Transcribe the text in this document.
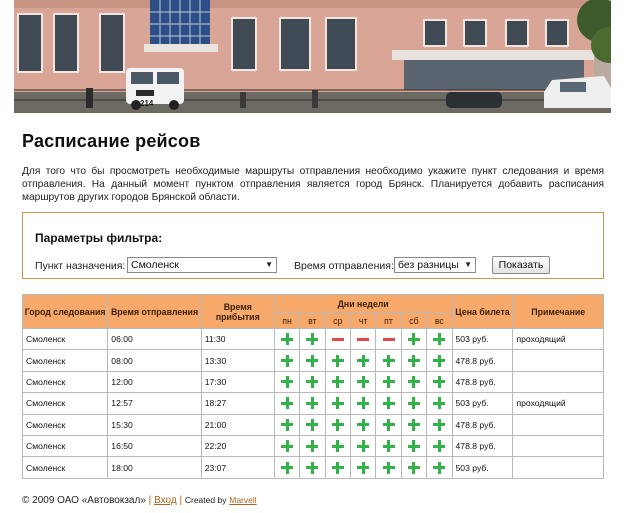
214
Расписание рейсов

Для того что бы просмотреть необходимые маршруты отправления необходимо укажите пункт следования и время отправления. На данный момент пунктом отправления является город Брянск. Планируется добавить расписания маршрутов других городов Брянской области.

Параметры фильтра:
Пункт назначения: Смоленск	▼ Время отправления: без разницы ▼	Показать
Город следования	Время отправления	Время прибытия	Дни недели							Цена билета	Примечание
			пн	вт	ср	чт	пт	сб	вс		
Смоленск	06:00	11:30								503 руб.	проходящий
Смоленск	08:00	13:30								478.8 руб.	
Смоленск	12:00	17:30								478.8 руб.	
Смоленск	12:57	18:27								503 руб.	проходящий
Смоленск	15:30	21:00								478.8 руб.	
Смоленск	16:50	22:20								478.8 руб.	
Смоленск	18:00	23:07								503 руб.	
© 2009 ОАО «Автовокзал» | Вход | Created by Marvell
